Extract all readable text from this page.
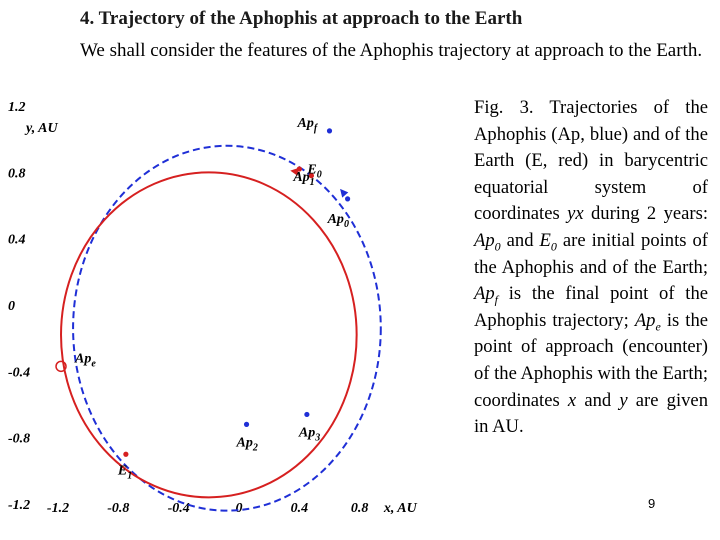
4. Trajectory of the Aphophis at approach to the Earth

We shall consider the features of the Aphophis trajectory at approach to the Earth.

1.2
0.8
0.4
0
-0.4
-0.8
-1.2 -1.2	-0.8	-0.4	0	0.4	0.8
y, AU
x, AU
$Ap_0$
$E_0$
$Ap_f$
$Ap_1$
$Ap_e$
$Ap_2$
$Ap_3$
$E_1$

Fig. 3. Trajectories of the Aphophis (Ap, blue) and of the Earth (E, red) in barycentric equatorial system of coordinates yx during 2 years: $Ap_0$ and $E_0$ are initial points of the Aphophis and of the Earth; $Ap_f$ is the final point of the Aphophis trajectory; $Ap_e$ is the point of approach (encounter) of the Aphophis with the Earth; coordinates x and y are given in AU.

9
